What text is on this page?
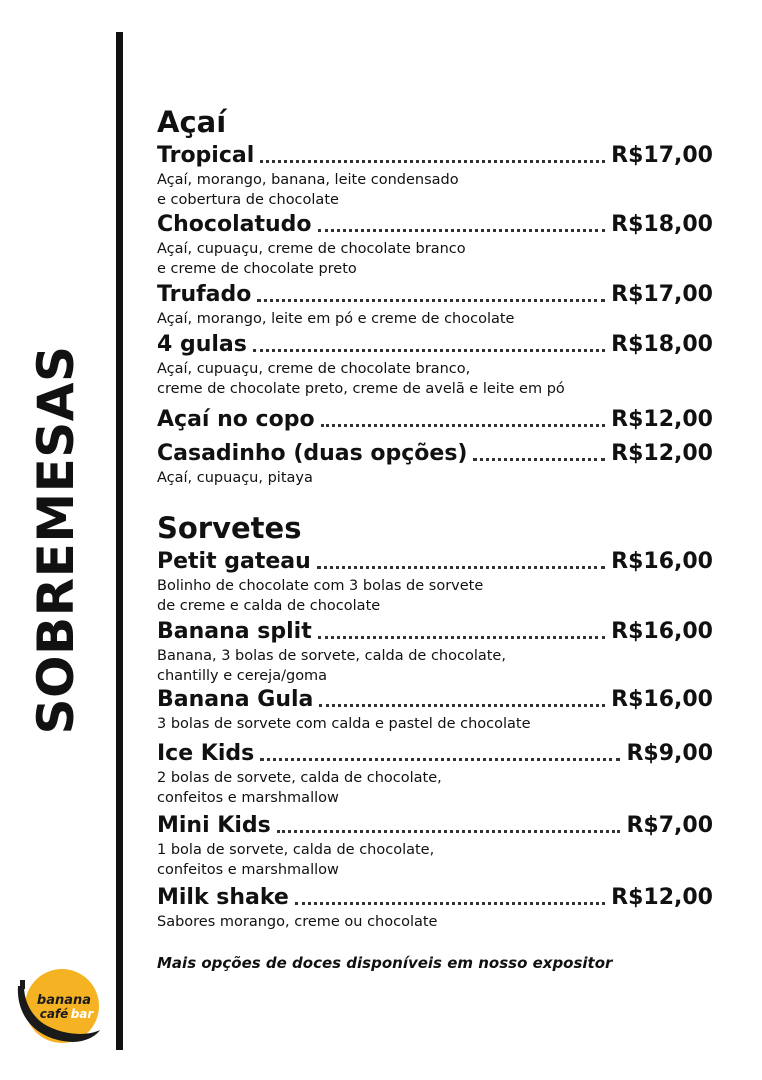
SOBREMESAS
Açaí
Tropical	R$17,00

Açaí, morango, banana, leite condensado
e cobertura de chocolate

Chocolatudo	R$18,00

Açaí, cupuaçu, creme de chocolate branco
e creme de chocolate preto

Trufado	R$17,00

Açaí, morango, leite em pó e creme de chocolate

4 gulas	R$18,00

Açaí, cupuaçu, creme de chocolate branco,
creme de chocolate preto, creme de avelã e leite em pó

Açaí no copo	R$12,00
Casadinho (duas opções)	R$12,00

Açaí, cupuaçu, pitaya

Sorvetes
Petit gateau	R$16,00

Bolinho de chocolate com 3 bolas de sorvete
de creme e calda de chocolate

Banana split	R$16,00

Banana, 3 bolas de sorvete, calda de chocolate,
chantilly e cereja/goma

Banana Gula	R$16,00

3 bolas de sorvete com calda e pastel de chocolate

Ice Kids	R$9,00

2 bolas de sorvete, calda de chocolate,
confeitos e marshmallow

Mini Kids	R$7,00

1 bola de sorvete, calda de chocolate,
confeitos e marshmallow

Milk shake	R$12,00

Sabores morango, creme ou chocolate

Mais opções de doces disponíveis em nosso expositor
banana
café bar
